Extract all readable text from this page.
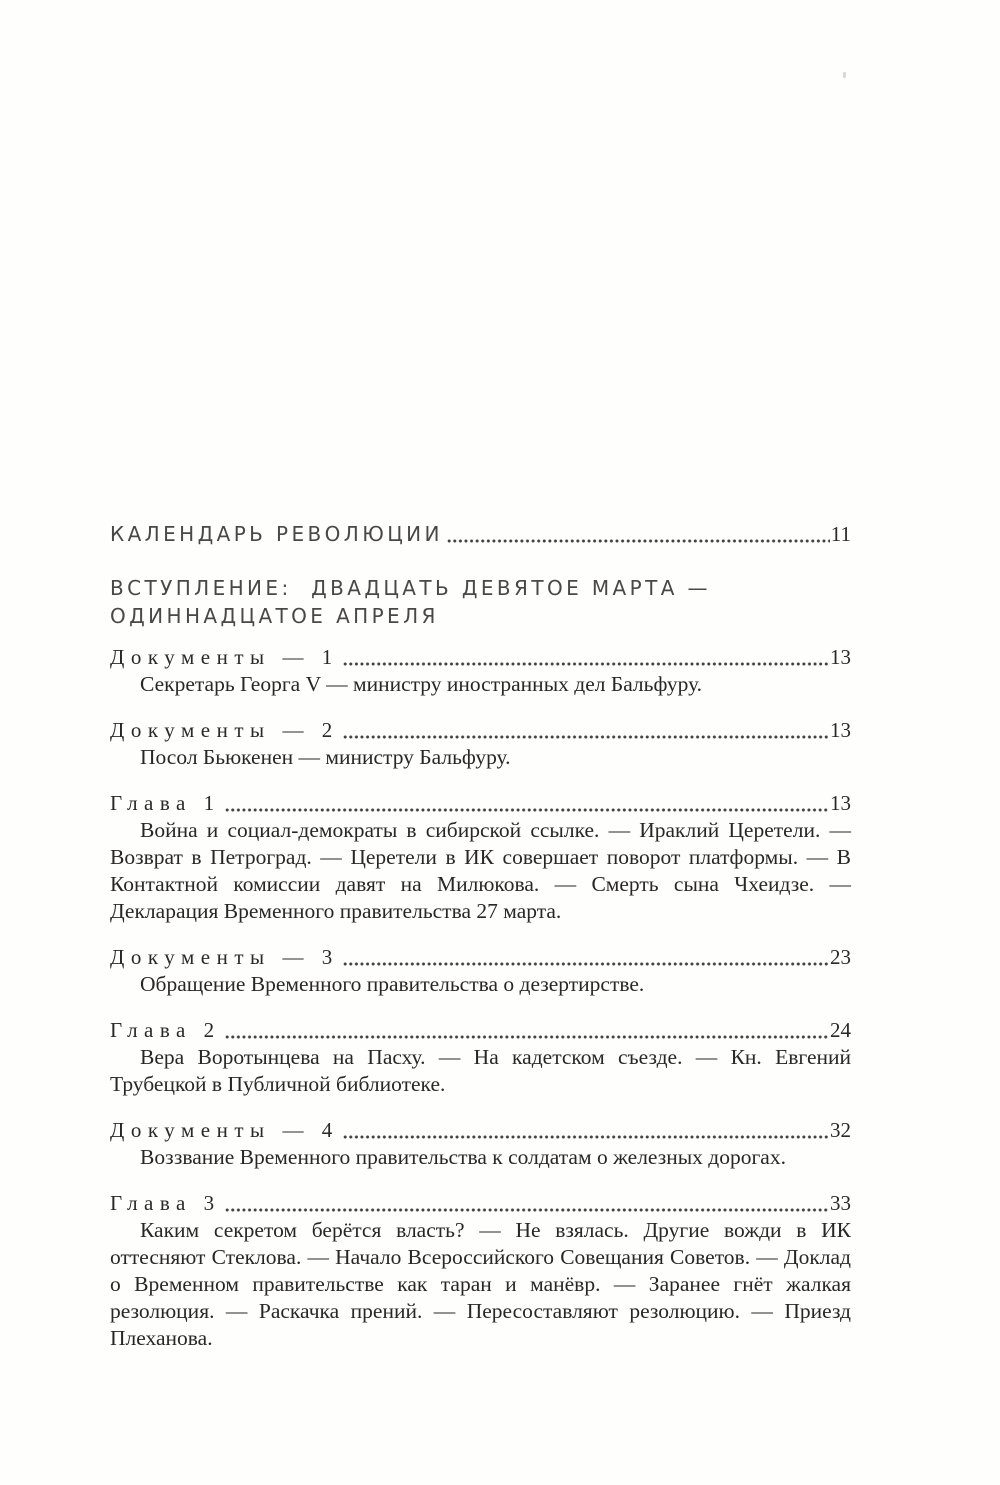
КАЛЕНДАРЬ РЕВОЛЮЦИИ	11
ВСТУПЛЕНИЕ:  ДВАДЦАТЬ ДЕВЯТОЕ МАРТА —
ОДИННАДЦАТОЕ АПРЕЛЯ
Документы — 1	13

Секретарь Георга V — министру иностранных дел Бальфуру.

Документы — 2	13

Посол Бьюкенен — министру Бальфуру.

Глава 1	13

Война и социал-демократы в сибирской ссылке. — Ираклий Церетели. — Возврат в Петроград. — Церетели в ИК совершает поворот платформы. — В Контактной комиссии давят на Милюкова. — Смерть сына Чхеидзе. — Декларация Временного правительства 27 марта.

Документы — 3	23

Обращение Временного правительства о дезертирстве.

Глава 2	24

Вера Воротынцева на Пасху. — На кадетском съезде. — Кн. Евгений Трубецкой в Публичной библиотеке.

Документы — 4	32

Воззвание Временного правительства к солдатам о железных дорогах.

Глава 3	33

Каким секретом берётся власть? — Не взялась. Другие вожди в ИК оттесняют Стеклова. — Начало Всероссийского Совещания Советов. — Доклад о Временном правительстве как таран и манёвр. — Заранее гнёт жалкая резолюция. — Раскачка прений. — Пересоставляют резолюцию. — Приезд Плеханова.
